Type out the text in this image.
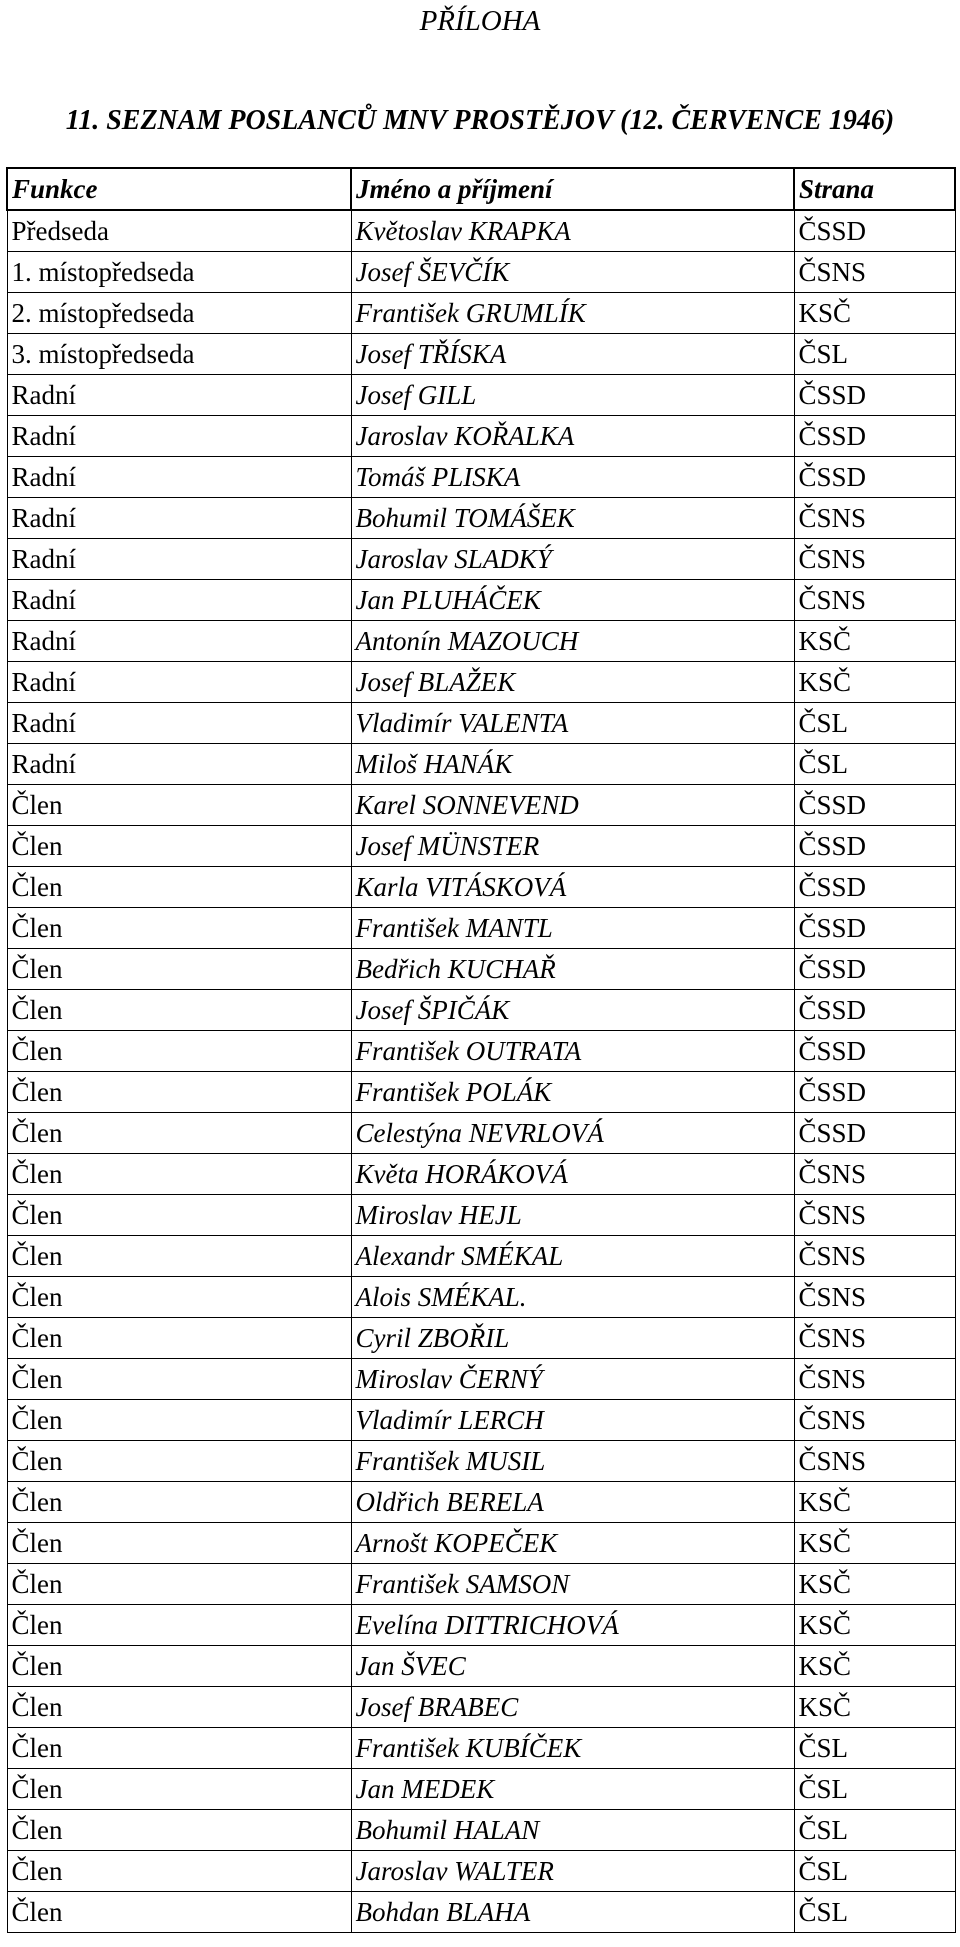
PŘÍLOHA
11. SEZNAM POSLANCŮ MNV PROSTĚJOV (12. ČERVENCE 1946)
Funkce	Jméno a příjmení	Strana
Předseda	Květoslav KRAPKA	ČSSD
1. místopředseda	Josef ŠEVČÍK	ČSNS
2. místopředseda	František GRUMLÍK	KSČ
3. místopředseda	Josef TŘÍSKA	ČSL
Radní	Josef GILL	ČSSD
Radní	Jaroslav KOŘALKA	ČSSD
Radní	Tomáš PLISKA	ČSSD
Radní	Bohumil TOMÁŠEK	ČSNS
Radní	Jaroslav SLADKÝ	ČSNS
Radní	Jan PLUHÁČEK	ČSNS
Radní	Antonín MAZOUCH	KSČ
Radní	Josef BLAŽEK	KSČ
Radní	Vladimír VALENTA	ČSL
Radní	Miloš HANÁK	ČSL
Člen	Karel SONNEVEND	ČSSD
Člen	Josef MÜNSTER	ČSSD
Člen	Karla VITÁSKOVÁ	ČSSD
Člen	František MANTL	ČSSD
Člen	Bedřich KUCHAŘ	ČSSD
Člen	Josef ŠPIČÁK	ČSSD
Člen	František OUTRATA	ČSSD
Člen	František POLÁK	ČSSD
Člen	Celestýna NEVRLOVÁ	ČSSD
Člen	Květa HORÁKOVÁ	ČSNS
Člen	Miroslav HEJL	ČSNS
Člen	Alexandr SMÉKAL	ČSNS
Člen	Alois SMÉKAL.	ČSNS
Člen	Cyril ZBOŘIL	ČSNS
Člen	Miroslav ČERNÝ	ČSNS
Člen	Vladimír LERCH	ČSNS
Člen	František MUSIL	ČSNS
Člen	Oldřich BERELA	KSČ
Člen	Arnošt KOPEČEK	KSČ
Člen	František SAMSON	KSČ
Člen	Evelína DITTRICHOVÁ	KSČ
Člen	Jan ŠVEC	KSČ
Člen	Josef BRABEC	KSČ
Člen	František KUBÍČEK	ČSL
Člen	Jan MEDEK	ČSL
Člen	Bohumil HALAN	ČSL
Člen	Jaroslav WALTER	ČSL
Člen	Bohdan BLAHA	ČSL
